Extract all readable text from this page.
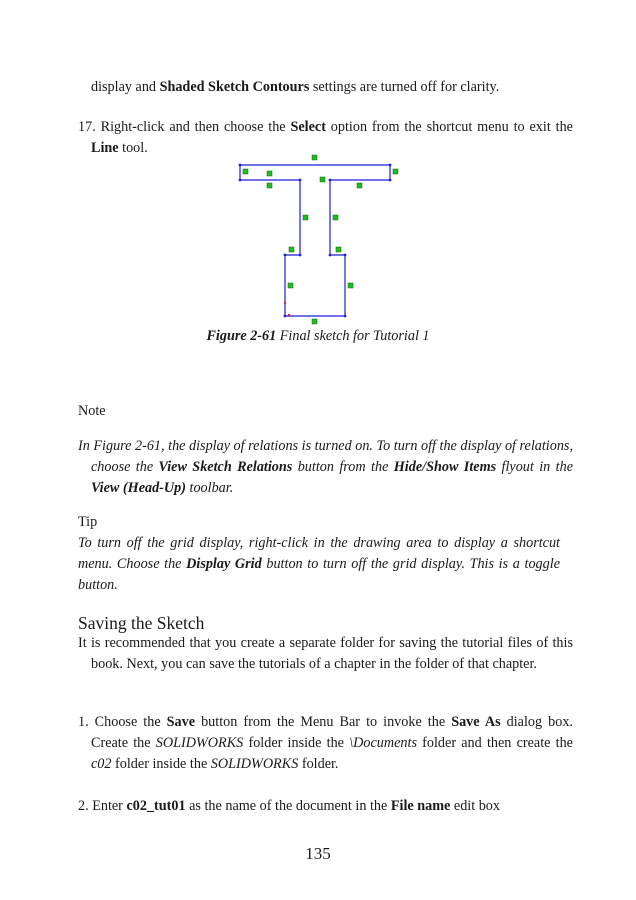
display and Shaded Sketch Contours settings are turned off for clarity.
17. Right-click and then choose the Select option from the shortcut menu to exit the Line tool.
Figure 2-61 Final sketch for Tutorial 1
Note
In Figure 2-61, the display of relations is turned on. To turn off the display of relations, choose the View Sketch Relations button from the Hide/Show Items flyout in the View (Head-Up) toolbar.
Tip
To turn off the grid display, right-click in the drawing area to display a shortcut menu. Choose the Display Grid button to turn off the grid display. This is a toggle button.
Saving the Sketch
It is recommended that you create a separate folder for saving the tutorial files of this book. Next, you can save the tutorials of a chapter in the folder of that chapter.
1. Choose the Save button from the Menu Bar to invoke the Save As dialog box. Create the SOLIDWORKS folder inside the \Documents folder and then create the c02 folder inside the SOLIDWORKS folder.
2. Enter c02_tut01 as the name of the document in the File name edit box
135
